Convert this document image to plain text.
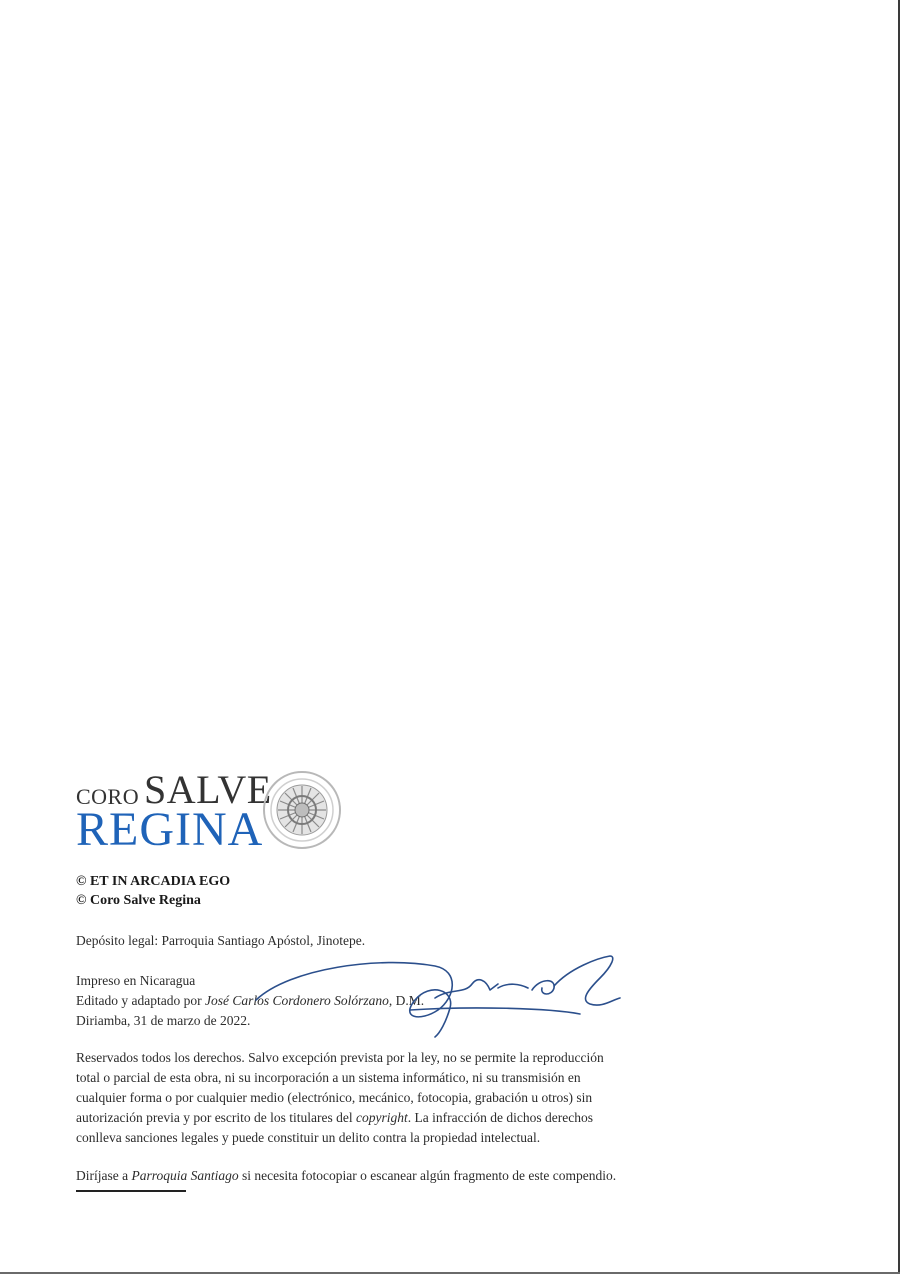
CORO SALVE
REGINA
© ET IN ARCADIA EGO
© Coro Salve Regina
Depósito legal: Parroquia Santiago Apóstol, Jinotepe.
Impreso en Nicaragua
Editado y adaptado por José Carlos Cordonero Solórzano, D.M.
Diriamba, 31 de marzo de 2022.
Reservados todos los derechos. Salvo excepción prevista por la ley, no se permite la reproducción
total o parcial de esta obra, ni su incorporación a un sistema informático, ni su transmisión en
cualquier forma o por cualquier medio (electrónico, mecánico, fotocopia, grabación u otros) sin
autorización previa y por escrito de los titulares del copyright. La infracción de dichos derechos
conlleva sanciones legales y puede constituir un delito contra la propiedad intelectual.
Diríjase a Parroquia Santiago si necesita fotocopiar o escanear algún fragmento de este compendio.
